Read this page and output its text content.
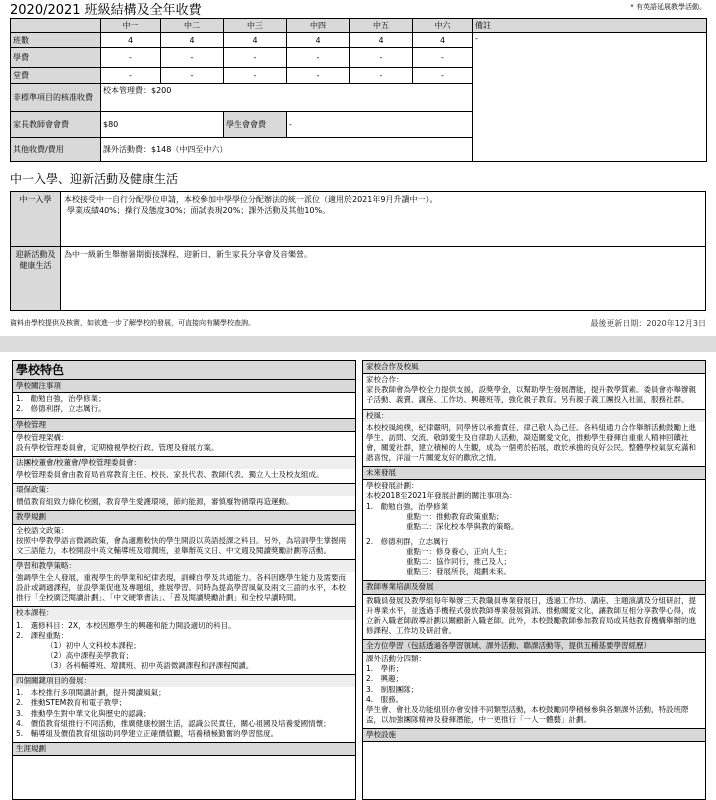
2020/2021 班級結構及全年收費	* 有英語延展教學活動。
	中一	中二	中三	中四	中五	中六	備註
班數	4	4	4	4	4	4	-
學費	-	-	-	-	-	-	
堂費	-	-	-	-	-	-	
非標準項目的核准收費	校本管理費：$200						
家長教師會會費	$80		學生會會費	-			
其他收費/費用	課外活動費：$148（中四至中六）						
中一入學、迎新活動及健康生活
中一入學	本校接受中一自行分配學位申請，本校參加中學學位分配辦法的統一派位（適用於2021年9月升讀中一）。
學業成績40%；操行及態度30%；面試表現20%；課外活動及其他10%。

迎新活動及健康生活	為中一級新生舉辦暑期銜接課程、迎新日、新生家長分享會及音樂營。
資料由學校提供及核實，如欲進一步了解學校的發展，可直接向有關學校查詢。	最後更新日期：2020年12月3日
學校特色
學校關注事項

1.　勸勉自強，治學修業；

2.　修德利群，立志厲行。

學校管理

學校管理架構：

設有學校管理委員會，定期檢視學校行政、管理及發展方案。

法團校董會/校董會/學校管理委員會：
學校管理委員會由教育局首席教育主任、校長、家長代表、教師代表、獨立人士及校友組成。
環保政策：
價值教育組致力綠化校園，教育學生愛護環境，節約能源，審慎廢物循環再造運動。
教學規劃

全校語文政策：

按照中學教學語言微調政策，會為適應較快的學生開設以英語授課之科目。另外，為培訓學生掌握兩文三語能力，本校開設中英文輔導班及增潤班，並舉辦英文日、中文週及閱讀獎勵計劃等活動。

學習和教學策略：
強調學生全人發展，重視學生的學業和紀律表現，訓練自學及共通能力。各科因應學生能力及需要而設計或調適課程，並設學業促進及專題組，推展學習。同時為提高學習風氣及兩文三語的水平，本校推行「全校廣泛閱讀計劃」、「中文硬筆書法」、「普及閱讀獎勵計劃」和全校早讀時間。
校本課程：

1.　選修科目：2X，本校因應學生的興趣和能力開設適切的科目。

2.　課程重點：

（1）初中人文科校本課程；

（2）高中課程美學教育；

（3）各科輔導班、增潤班、初中英語微調課程和評課程閱讀。

四個關鍵項目的發展：

1.　本校推行多項閱讀計劃，提升閱讀風氣；

2.　推動STEM教育和電子教學；

3.　推動學生對中華文化與歷史的認識；

4.　價值教育組推行不同活動，推廣健康校園生活，認識公民責任，關心祖國及培養愛國情懷；

5.　輔導組及價值教育組協助同學建立正確價值觀，培養積極勤奮的學習態度。

生涯規劃
家校合作及校風

家校合作：

家長教師會為學校全力提供支援，設獎學金，以幫助學生發展潛能，提升教學質素。委員會亦舉辦親子活動、義賣、講座、工作坊、興趣班等，強化親子教育。另有親子義工團投入社區，服務社群。

校風：
本校校風純樸，紀律嚴明，同學皆以承擔責任、律己敬人為己任。各科組通力合作舉辦活動鼓勵上進學生、訪問、交流、敬師愛生及自律助人活動，凝造關愛文化，推動學生發揮自重重人精神回饋社會，關愛社群，建立積極的人生觀，成為一個勇於拓展、敢於承擔的良好公民。整體學校氣氛充滿和諧喜悅，洋溢一片關愛友好的歡欣之情。
未來發展

學校發展計劃：

本校2018至2021年發展計劃的關注事項為：

1.　勸勉自強，治學修業

重點一：推動教育政策重點；

重點二：深化校本學與教的策略。

2.　修德利群，立志厲行

重點一：修身養心，正向人生；

重點二：協作同行，推己及人；

重點三：發展所長，規劃未來。

教師專業培訓及發展
教職員發展及教學組每年舉辦三天教職員專業發展日，透過工作坊、講座、主題演講及分組研討，提升專業水平，並透過手機程式發放教師專業發展資訊、推動關愛文化，讓教師互相分享教學心得，成立新入職老師啟導計劃以關顧新入職老師。此外，本校鼓勵教師參加教育局或其他教育機構舉辦的進修課程、工作坊及研討會。
全方位學習（包括透過各學習領域、課外活動、聯課活動等，提供五種基要學習經歷）

課外活動分四類：

1.　學術；

2.　興趣；

3.　制服團隊；

4.　服務。

學生會、會社及功能組別亦會安排不同類型活動，本校鼓勵同學積極參與各類課外活動，特設班際盃，以加強團隊精神及發揮潛能，中一更推行「一人一體藝」計劃。

學校設施
